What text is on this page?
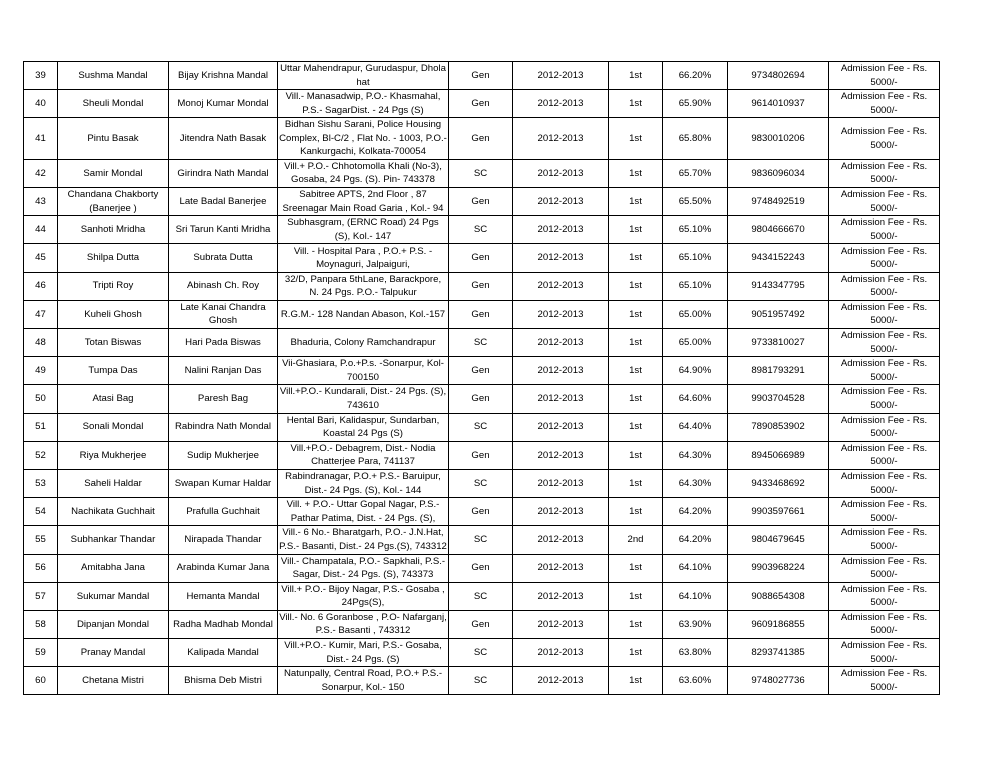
39	Sushma Mandal	Bijay Krishna Mandal	Uttar Mahendrapur, Gurudaspur, Dhola hat	Gen	2012-2013	1st	66.20%	9734802694	Admission Fee - Rs. 5000/-
40	Sheuli Mondal	Monoj Kumar Mondal	Vill.- Manasadwip, P.O.- Khasmahal, P.S.- SagarDist. - 24 Pgs (S)	Gen	2012-2013	1st	65.90%	9614010937	Admission Fee - Rs. 5000/-
41	Pintu Basak	Jitendra Nath Basak	Bidhan Sishu Sarani, Police Housing Complex, Bl-C/2 , Flat No. - 1003, P.O.- Kankurgachi, Kolkata-700054	Gen	2012-2013	1st	65.80%	9830010206	Admission Fee - Rs. 5000/-
42	Samir Mondal	Girindra Nath Mandal	Vill.+ P.O.- Chhotomolla Khali (No-3), Gosaba, 24 Pgs. (S). Pin- 743378	SC	2012-2013	1st	65.70%	9836096034	Admission Fee - Rs. 5000/-
43	Chandana Chakborty (Banerjee )	Late Badal Banerjee	Sabitree APTS, 2nd Floor , 87 Sreenagar Main Road Garia , Kol.- 94	Gen	2012-2013	1st	65.50%	9748492519	Admission Fee - Rs. 5000/-
44	Sanhoti Mridha	Sri Tarun Kanti Mridha	Subhasgram, (ERNC Road) 24 Pgs (S), Kol.- 147	SC	2012-2013	1st	65.10%	9804666670	Admission Fee - Rs. 5000/-
45	Shilpa Dutta	Subrata Dutta	Vill. - Hospital Para , P.O.+ P.S. - Moynaguri, Jalpaiguri,	Gen	2012-2013	1st	65.10%	9434152243	Admission Fee - Rs. 5000/-
46	Tripti Roy	Abinash Ch. Roy	32/D, Panpara 5thLane, Barackpore, N. 24 Pgs. P.O.- Talpukur	Gen	2012-2013	1st	65.10%	9143347795	Admission Fee - Rs. 5000/-
47	Kuheli Ghosh	Late Kanai Chandra Ghosh	R.G.M.- 128 Nandan Abason, Kol.-157	Gen	2012-2013	1st	65.00%	9051957492	Admission Fee - Rs. 5000/-
48	Totan Biswas	Hari Pada Biswas	Bhaduria, Colony Ramchandrapur	SC	2012-2013	1st	65.00%	9733810027	Admission Fee - Rs. 5000/-
49	Tumpa Das	Nalini Ranjan Das	Vii-Ghasiara, P.o.+P.s. -Sonarpur, Kol-700150	Gen	2012-2013	1st	64.90%	8981793291	Admission Fee - Rs. 5000/-
50	Atasi Bag	Paresh Bag	Vill.+P.O.- Kundarali, Dist.- 24 Pgs. (S), 743610	Gen	2012-2013	1st	64.60%	9903704528	Admission Fee - Rs. 5000/-
51	Sonali Mondal	Rabindra Nath Mondal	Hental Bari, Kalidaspur, Sundarban, Koastal 24 Pgs (S)	SC	2012-2013	1st	64.40%	7890853902	Admission Fee - Rs. 5000/-
52	Riya Mukherjee	Sudip Mukherjee	Vill.+P.O.- Debagrem, Dist.- Nodia Chatterjee Para, 741137	Gen	2012-2013	1st	64.30%	8945066989	Admission Fee - Rs. 5000/-
53	Saheli Haldar	Swapan Kumar Haldar	Rabindranagar, P.O.+ P.S.- Baruipur, Dist.- 24 Pgs. (S), Kol.- 144	SC	2012-2013	1st	64.30%	9433468692	Admission Fee - Rs. 5000/-
54	Nachikata Guchhait	Prafulla Guchhait	Vill. + P.O.- Uttar Gopal Nagar, P.S.- Pathar Patima, Dist. - 24 Pgs. (S),	Gen	2012-2013	1st	64.20%	9903597661	Admission Fee - Rs. 5000/-
55	Subhankar Thandar	Nirapada Thandar	Vill.- 6 No.- Bharatgarh, P.O.- J.N.Hat, P.S.- Basanti, Dist.- 24 Pgs.(S), 743312	SC	2012-2013	2nd	64.20%	9804679645	Admission Fee - Rs. 5000/-
56	Amitabha Jana	Arabinda Kumar Jana	Vill.- Champatala, P.O.- Sapkhali, P.S.- Sagar, Dist.- 24 Pgs. (S), 743373	Gen	2012-2013	1st	64.10%	9903968224	Admission Fee - Rs. 5000/-
57	Sukumar Mandal	Hemanta Mandal	Vill.+ P.O.- Bijoy Nagar, P.S.- Gosaba , 24Pgs(S),	SC	2012-2013	1st	64.10%	9088654308	Admission Fee - Rs. 5000/-
58	Dipanjan Mondal	Radha Madhab Mondal	Vill.- No. 6 Goranbose , P.O- Nafarganj, P.S.- Basanti , 743312	Gen	2012-2013	1st	63.90%	9609186855	Admission Fee - Rs. 5000/-
59	Pranay Mandal	Kalipada Mandal	Vill.+P.O.- Kumir, Mari, P.S.- Gosaba, Dist.- 24 Pgs. (S)	SC	2012-2013	1st	63.80%	8293741385	Admission Fee - Rs. 5000/-
60	Chetana Mistri	Bhisma Deb Mistri	Natunpally, Central Road, P.O.+ P.S.- Sonarpur, Kol.- 150	SC	2012-2013	1st	63.60%	9748027736	Admission Fee - Rs. 5000/-
